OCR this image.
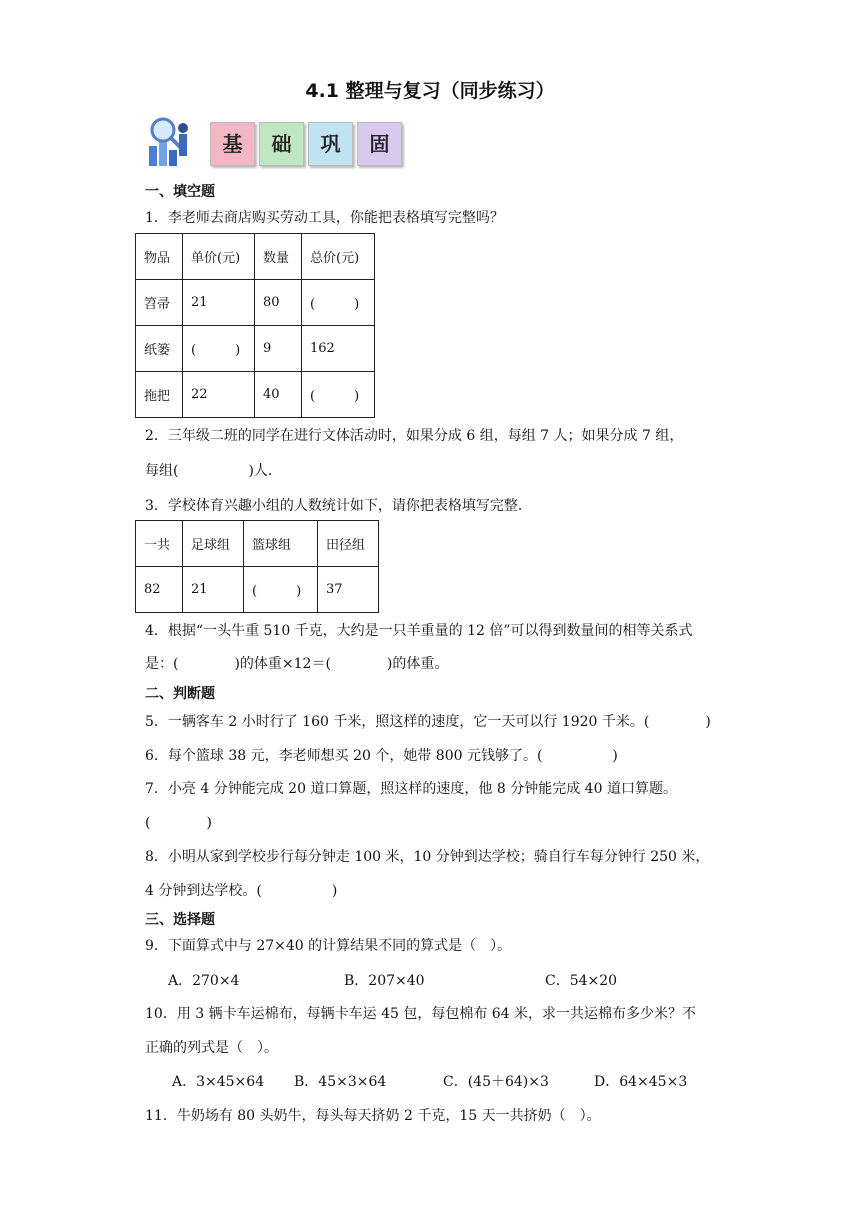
4.1 整理与复习（同步练习）
基	础	巩	固
一、填空题
1．李老师去商店购买劳动工具，你能把表格填写完整吗？
物品	单价(元)	数量	总价(元)
笤帚	21	80	(　　　)
纸篓	(　　　)	9	162
拖把	22	40	(　　　)
2．三年级二班的同学在进行文体活动时，如果分成 6 组，每组 7 人；如果分成 7 组，
每组(　　　　　)人．
3．学校体育兴趣小组的人数统计如下，请你把表格填写完整．
一共	足球组	篮球组	田径组
82	21	(　　　)	37
4．根据“一头牛重 510 千克，大约是一只羊重量的 12 倍”可以得到数量间的相等关系式
是：(　　　　)的体重×12＝(　　　　)的体重。
二、判断题
5．一辆客车 2 小时行了 160 千米，照这样的速度，它一天可以行 1920 千米。(　　　　)
6．每个篮球 38 元，李老师想买 20 个，她带 800 元钱够了。(　　　　　)
7．小亮 4 分钟能完成 20 道口算题，照这样的速度，他 8 分钟能完成 40 道口算题。
(　　　　)
8．小明从家到学校步行每分钟走 100 米，10 分钟到达学校；骑自行车每分钟行 250 米，
4 分钟到达学校。(　　　　　)
三、选择题
9．下面算式中与 27×40 的计算结果不同的算式是（　）。
A．270×4	B．207×40	C．54×20
10．用 3 辆卡车运棉布，每辆卡车运 45 包，每包棉布 64 米，求一共运棉布多少米？不
正确的列式是（　）。
A．3×45×64 B．45×3×64	C．(45＋64)×3	D．64×45×3
11．牛奶场有 80 头奶牛，每头每天挤奶 2 千克，15 天一共挤奶（　）。
